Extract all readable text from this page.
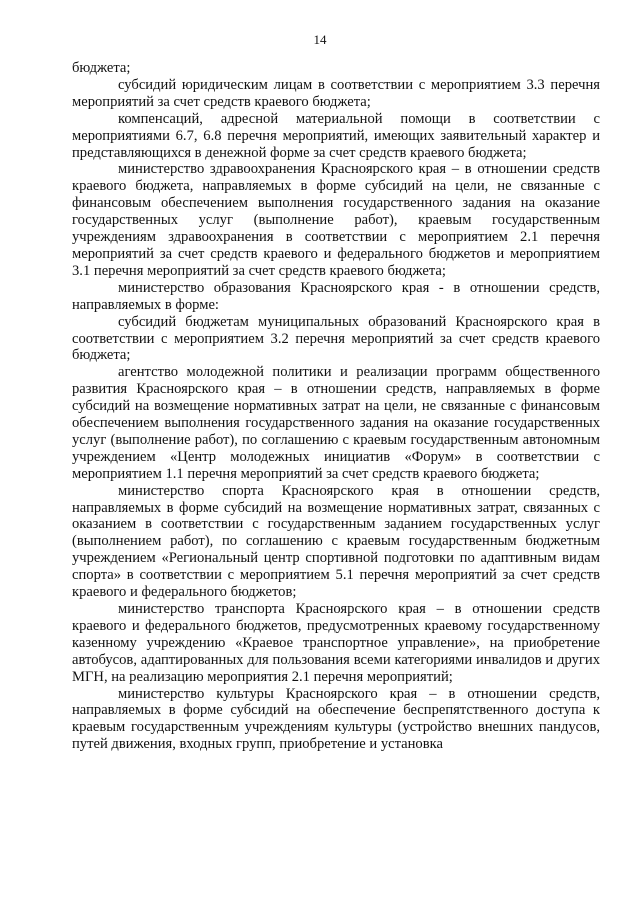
14

бюджета;

субсидий юридическим лицам в соответствии с мероприятием 3.3 перечня мероприятий за счет средств краевого бюджета;

компенсаций, адресной материальной помощи в соответствии с мероприятиями 6.7, 6.8 перечня мероприятий, имеющих заявительный характер и представляющихся в денежной форме за счет средств краевого бюджета;

министерство здравоохранения Красноярского края – в отношении средств краевого бюджета, направляемых в форме субсидий на цели, не связанные с финансовым обеспечением выполнения государственного задания на оказание государственных услуг (выполнение работ), краевым государственным учреждениям здравоохранения в соответствии с мероприятием 2.1 перечня мероприятий за счет средств краевого и федерального бюджетов и мероприятием 3.1 перечня мероприятий за счет средств краевого бюджета;

министерство образования Красноярского края - в отношении средств, направляемых в форме:

субсидий бюджетам муниципальных образований Красноярского края в соответствии с мероприятием 3.2 перечня мероприятий за счет средств краевого бюджета;

агентство молодежной политики и реализации программ общественного развития Красноярского края – в отношении средств, направляемых в форме субсидий на возмещение нормативных затрат на цели, не связанные с финансовым обеспечением выполнения государственного задания на оказание государственных услуг (выполнение работ), по соглашению с краевым государственным автономным учреждением «Центр молодежных инициатив «Форум» в соответствии с мероприятием 1.1 перечня мероприятий за счет средств краевого бюджета;

министерство спорта Красноярского края в отношении средств, направляемых в форме субсидий на возмещение нормативных затрат, связанных с оказанием в соответствии с государственным заданием государственных услуг (выполнением работ), по соглашению с краевым государственным бюджетным учреждением «Региональный центр спортивной подготовки по адаптивным видам спорта» в соответствии с мероприятием 5.1 перечня мероприятий за счет средств краевого и федерального бюджетов;

министерство транспорта Красноярского края – в отношении средств краевого и федерального бюджетов, предусмотренных краевому государственному казенному учреждению «Краевое транспортное управление», на приобретение автобусов, адаптированных для пользования всеми категориями инвалидов и других МГН, на реализацию мероприятия 2.1 перечня мероприятий;

министерство культуры Красноярского края – в отношении средств, направляемых в форме субсидий на обеспечение беспрепятственного доступа к краевым государственным учреждениям культуры (устройство внешних пандусов, путей движения, входных групп, приобретение и установка
